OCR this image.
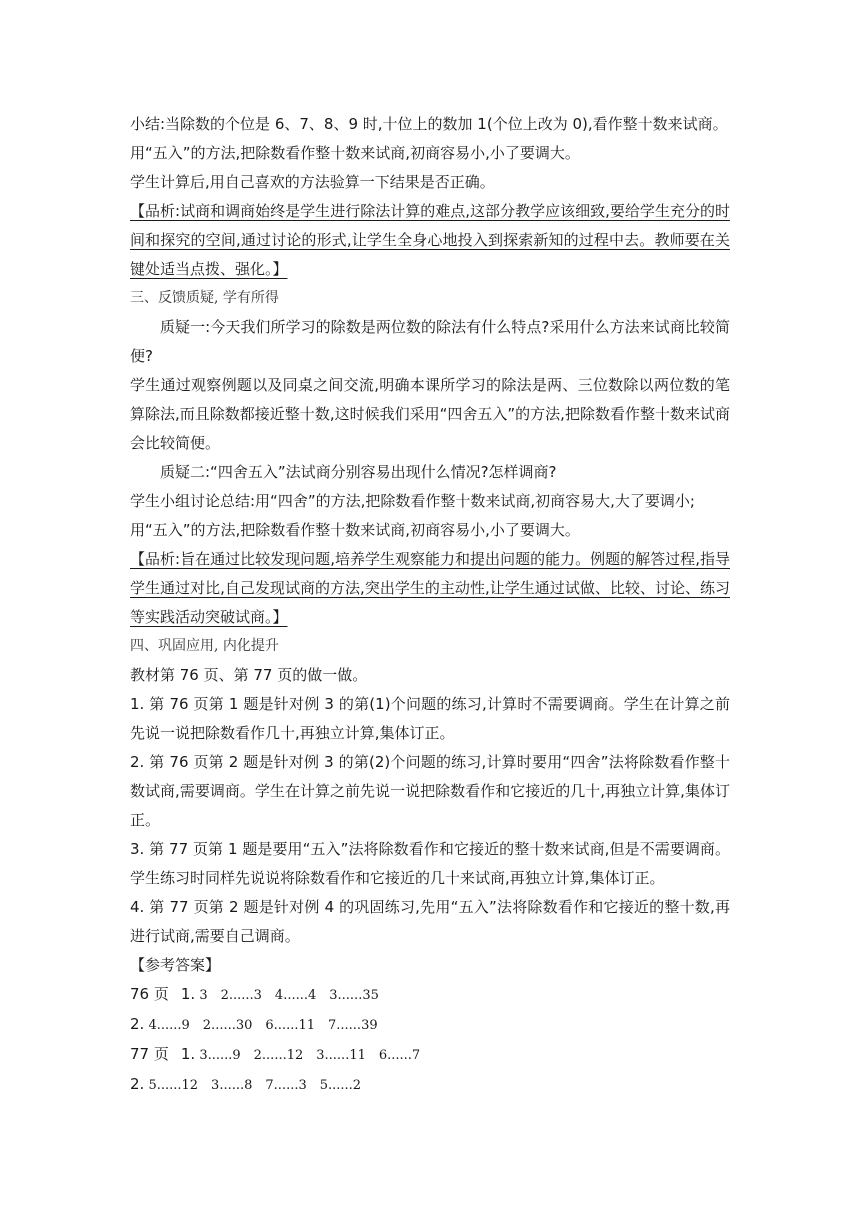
小结:当除数的个位是 6、7、8、9 时,十位上的数加 1(个位上改为 0),看作整十数来试商。

用“五入”的方法,把除数看作整十数来试商,初商容易小,小了要调大。

学生计算后,用自己喜欢的方法验算一下结果是否正确。

【品析:试商和调商始终是学生进行除法计算的难点,这部分教学应该细致,要给学生充分的时间和探究的空间,通过讨论的形式,让学生全身心地投入到探索新知的过程中去。教师要在关键处适当点拨、强化。】

三、反馈质疑, 学有所得

质疑一:今天我们所学习的除数是两位数的除法有什么特点?采用什么方法来试商比较简便?

学生通过观察例题以及同桌之间交流,明确本课所学习的除法是两、三位数除以两位数的笔算除法,而且除数都接近整十数,这时候我们采用“四舍五入”的方法,把除数看作整十数来试商会比较简便。

质疑二:“四舍五入”法试商分别容易出现什么情况?怎样调商?

学生小组讨论总结:用“四舍”的方法,把除数看作整十数来试商,初商容易大,大了要调小;

用“五入”的方法,把除数看作整十数来试商,初商容易小,小了要调大。

【品析:旨在通过比较发现问题,培养学生观察能力和提出问题的能力。例题的解答过程,指导学生通过对比,自己发现试商的方法,突出学生的主动性,让学生通过试做、比较、讨论、练习等实践活动突破试商。】

四、巩固应用, 内化提升

教材第 76 页、第 77 页的做一做。

1. 第 76 页第 1 题是针对例 3 的第(1)个问题的练习,计算时不需要调商。学生在计算之前先说一说把除数看作几十,再独立计算,集体订正。

2. 第 76 页第 2 题是针对例 3 的第(2)个问题的练习,计算时要用“四舍”法将除数看作整十数试商,需要调商。学生在计算之前先说一说把除数看作和它接近的几十,再独立计算,集体订正。

3. 第 77 页第 1 题是要用“五入”法将除数看作和它接近的整十数来试商,但是不需要调商。学生练习时同样先说说将除数看作和它接近的几十来试商,再独立计算,集体订正。

4. 第 77 页第 2 题是针对例 4 的巩固练习,先用“五入”法将除数看作和它接近的整十数,再进行试商,需要自己调商。

【参考答案】

76 页 1. 3　2......3　4......4　3......35

2. 4......9　2......30　6......11　7......39

77 页 1. 3......9　2......12　3......11　6......7

2. 5......12　3......8　7......3　5......2
